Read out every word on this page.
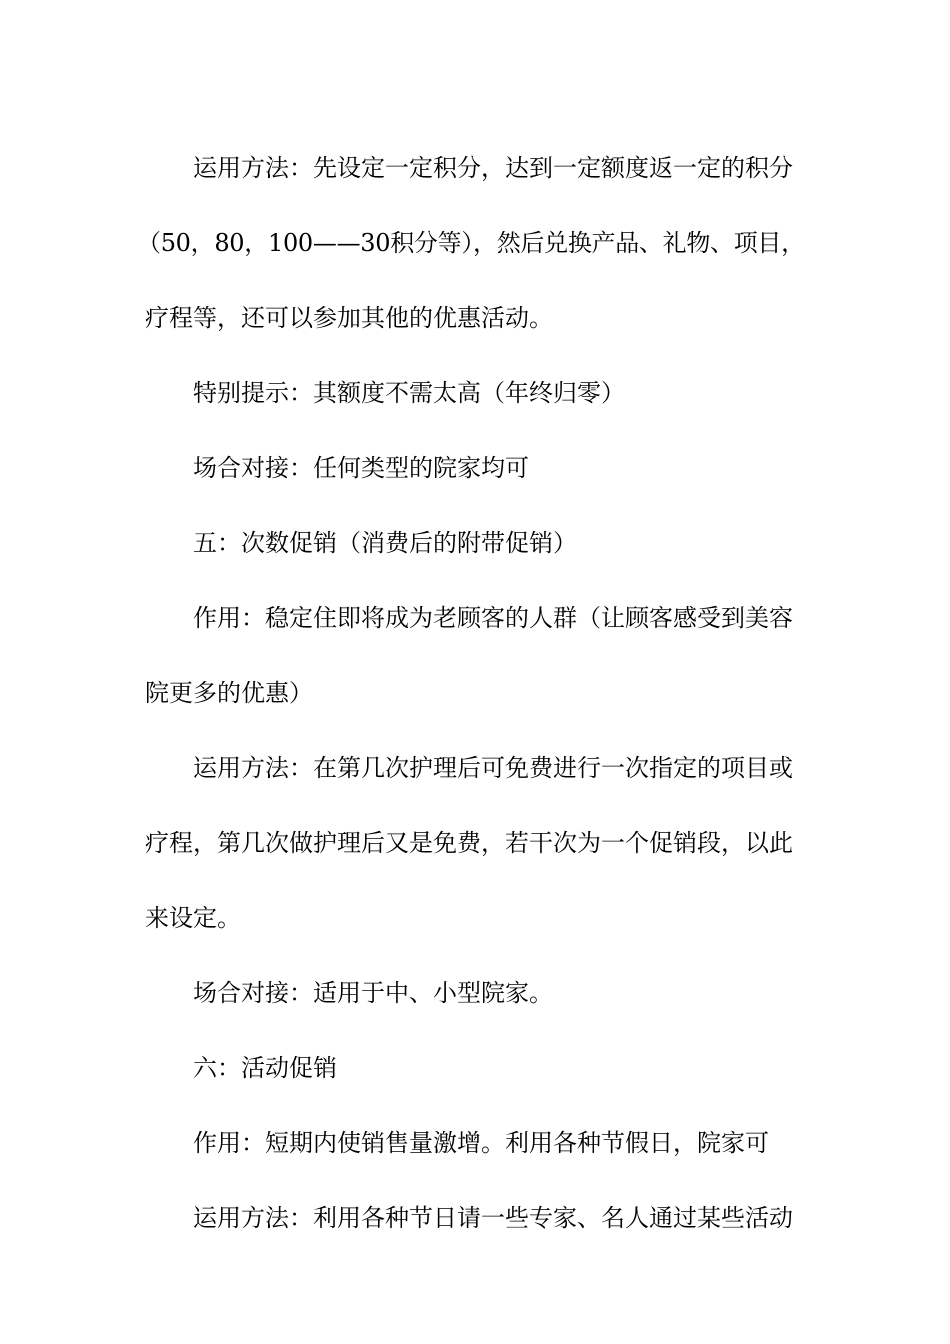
运用方法：先设定一定积分，达到一定额度返一定的积分
（50，80，100——30积分等），然后兑换产品、礼物、项目，
疗程等，还可以参加其他的优惠活动。

特别提示：其额度不需太高（年终归零）

场合对接：任何类型的院家均可

五：次数促销（消费后的附带促销）

作用：稳定住即将成为老顾客的人群（让顾客感受到美容
院更多的优惠）

运用方法：在第几次护理后可免费进行一次指定的项目或
疗程，第几次做护理后又是免费，若干次为一个促销段，以此
来设定。

场合对接：适用于中、小型院家。

六：活动促销

作用：短期内使销售量激增。利用各种节假日，院家可

运用方法：利用各种节日请一些专家、名人通过某些活动
